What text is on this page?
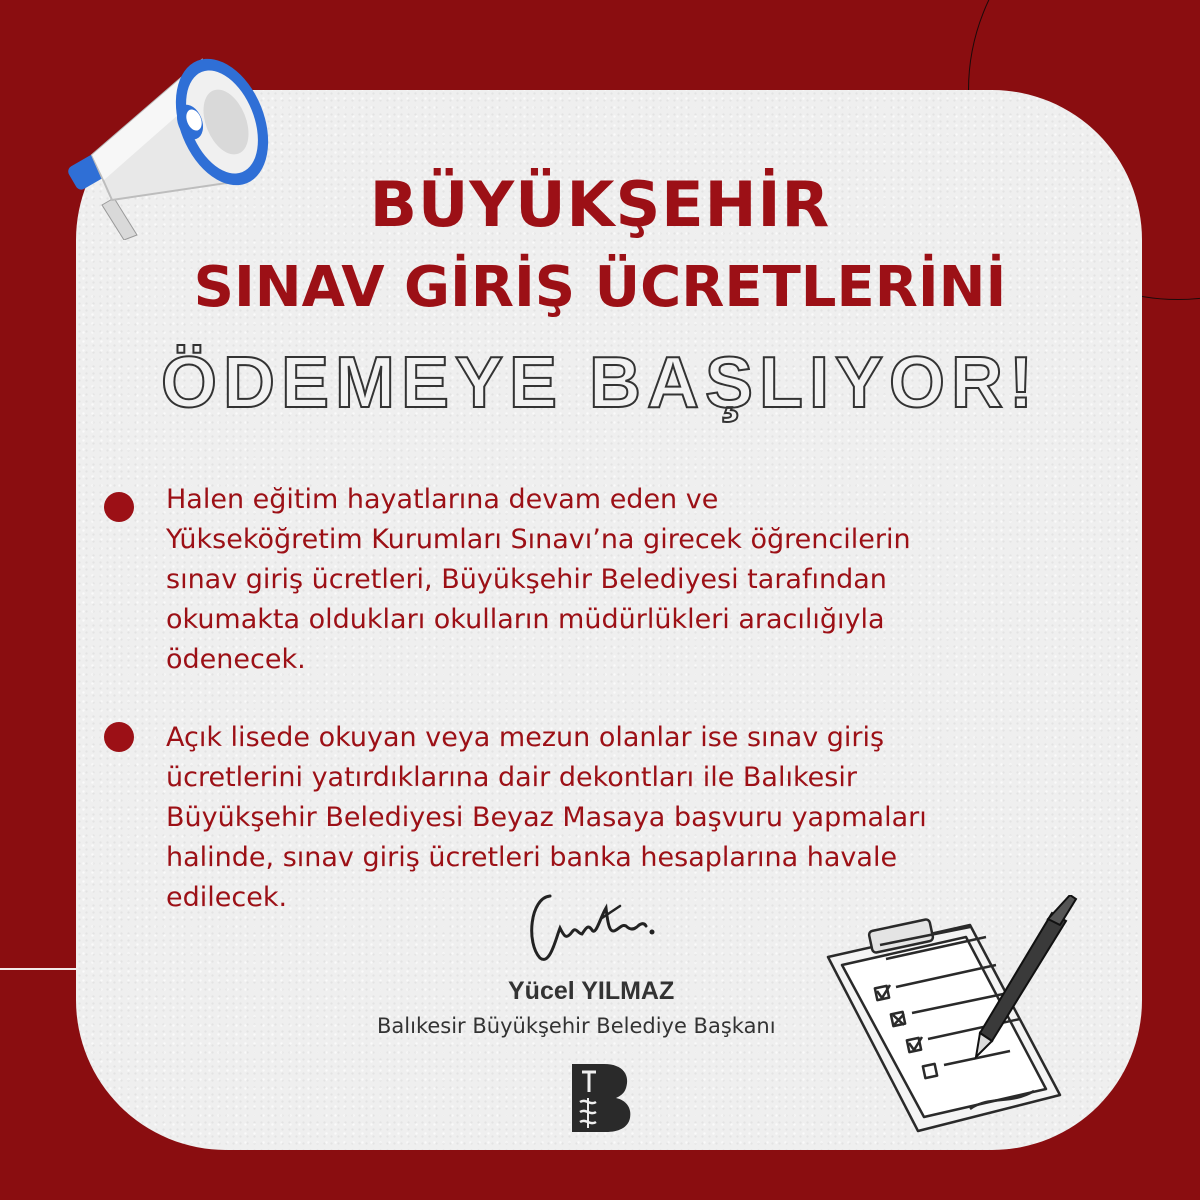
BÜYÜKŞEHİR
SINAV GİRİŞ ÜCRETLERİNİ
ÖDEMEYE BAŞLIYOR!
Halen eğitim hayatlarına devam eden ve
Yükseköğretim Kurumları Sınavı’na girecek öğrencilerin
sınav giriş ücretleri, Büyükşehir Belediyesi tarafından
okumakta oldukları okulların müdürlükleri aracılığıyla
ödenecek.
Açık lisede okuyan veya mezun olanlar ise sınav giriş
ücretlerini yatırdıklarına dair dekontları ile Balıkesir
Büyükşehir Belediyesi Beyaz Masaya başvuru yapmaları
halinde, sınav giriş ücretleri banka hesaplarına havale
edilecek.
Yücel YILMAZ
Balıkesir Büyükşehir Belediye Başkanı
